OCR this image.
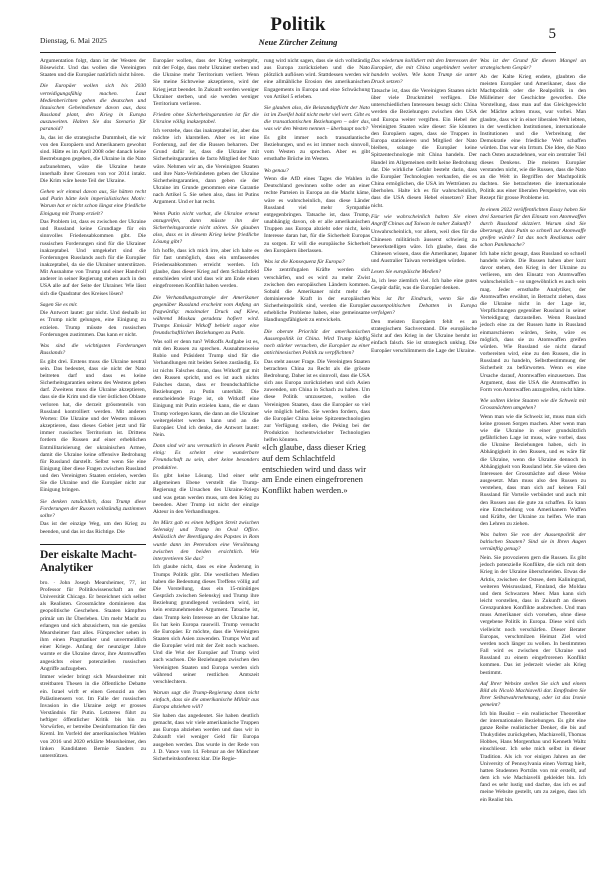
Dienstag, 6. Mai 2025
Politik
Neue Zürcher Zeitung	5

Argumentation folgt, dann ist der Westen der Bösewicht. Und das wollen die Vereinigten Staaten und die Europäer natürlich nicht hören.

Die Europäer wollen sich bis 2030 verteidigungsfähig machen. Laut Medienberichten geben die deutschen und litauischen Geheimdienste davon aus, dass Russland plant, den Krieg in Europa auszuweiten. Halten Sie das Szenario für paranoid?

Ja, das ist die strategische Dummheit, die wir von den Europäern und Amerikanern gewohnt sind. Hätte es im April 2008 oder danach keine Bestrebungen gegeben, die Ukraine in die Nato aufzunehmen, wäre die Ukraine heute innerhalb ihrer Grenzen von vor 2014 intakt. Die Krim wäre heute Teil der Ukraine.

Gehen wir einmal davon aus, Sie hätten recht und Putin hätte kein imperialistisches Motiv: Warum hat er nicht schon längst eine friedliche Einigung mit Trump erzielt?

Das Problem ist, dass es zwischen der Ukraine und Russland keine Grundlage für ein sinnvolles Friedensabkommen gibt. Die russischen Forderungen sind für die Ukrainer inakzeptabel. Und umgekehrt sind die Forderungen Russlands auch für die Europäer inakzeptabel, da sie die Ukrainer unterstützen. Mit Ausnahme von Trump und einer Handvoll anderer in seiner Regierung stehen auch in den USA alle auf der Seite der Ukrainer. Wie lässt sich die Quadratur des Kreises lösen?

Sagen Sie es mir.

Die Antwort lautet: gar nicht. Und deshalb ist es Trump nicht gelungen, eine Einigung zu erzielen. Trump müsste den russischen Forderungen zustimmen. Das kann er nicht.

Was sind die wichtigsten Forderungen Russlands?

Es gibt drei. Erstens muss die Ukraine neutral sein. Das bedeutet, dass sie nicht der Nato beitreten darf und dass es keine Sicherheitsgarantien seitens des Westens geben darf. Zweitens muss die Ukraine akzeptieren, dass sie die Krim und die vier östlichen Oblaste verloren hat, die derzeit grösstenteils von Russland kontrolliert werden. Mit anderen Worten: Die Ukraine und der Westen müssen akzeptieren, dass dieses Gebiet jetzt und für immer russisches Territorium ist. Drittens fordern die Russen auf einer erheblichen Entmilitarisierung der ukrainischen Armee, damit die Ukraine keine offensive Bedrohung für Russland darstellt. Selbst wenn Sie eine Einigung über diese Fragen zwischen Russland und den Vereinigten Staaten erzielen, werden Sie die Ukraine und die Europäer nicht zur Einigung bringen.

Sie denken tatsächlich, dass Trump diese Forderungen der Russen vollständig zustimmen sollte?

Das ist der einzige Weg, um den Krieg zu beenden, und das ist das Richtige. Die

Der eiskalte Macht-Analytiker

bro. · John Joseph Mearsheimer, 77, ist Professor für Politikwissenschaft an der Universität Chicago. Er bezeichnet sich selbst als Realisten. Grossmächte dominieren das geopolitische Geschehen. Staaten kämpften primär um ihr Überleben. Um mehr Macht zu erlangen und sich abzusichern, tun sie gemäss Mearsheimer fast alles. Fürsprecher sehen in ihm einen Pragmatiker und unvermeidlich einer Kriege. Anfang der neunziger Jahre warnte er die Ukraine davor, ihre Atomwaffen angesichts einer potenziellen russischen Angriffe aufzugeben.

Immer wieder bringt sich Mearsheimer mit streitbaren Thesen in die öffentliche Debatte ein. Israel wirft er einen Genozid an den Palästinensern vor. Im Falle der russischen Invasion in die Ukraine zeigt er grosses Verständnis für Putin. Letzteres führt zu heftiger öffentlicher Kritik bis hin zu Vorwürfen, er betreibe Desinformation für den Kreml. Im Vorfeld der amerikanischen Wahlen von 2016 und 2020 erklärte Mearsheimer, den linken Kandidaten Bernie Sanders zu unterstützen.

Europäer wollen, dass der Krieg weitergeht, mit der Folge, dass mehr Ukrainer sterben und die Ukraine mehr Territorium verliert. Wenn Sie meine Sichtweise akzeptieren, wird der Krieg jetzt beendet. In Zukunft werden weniger Ukrainer sterben, und sie werden weniger Territorium verlieren.

Frieden ohne Sicherheitsgarantien ist für die Ukraine völlig inakzeptabel.

Ich verstehe, dass das inakzeptabel ist, aber das möchte ich klarstellen. Aber es ist eine Forderung, auf der die Russen beharren. Der Grund dafür ist, dass die Ukraine mit Sicherheitsgarantien de facto Mitglied der Nato wäre. Nehmen wir an, die Vereinigten Staaten und ihre Nato-Verbündeten geben der Ukraine Sicherheitsgarantien, dann geben sie der Ukraine im Grunde genommen eine Garantie nach Artikel 5. Sie sehen also, dass ist Putins Argument. Und er hat recht.

Wenn Putin nicht vorhat, die Ukraine erneut anzugreifen, dann müsste ihn der Sicherheitsgarantie nicht stören. Sie glauben also, dass es in diesem Krieg keine friedliche Lösung gibt?

Ich hoffe, dass ich mich irre, aber ich halte es für fast unmöglich, dass ein umfassendes Friedensabkommen erreicht werden. Ich glaube, dass dieser Krieg auf dem Schlachtfeld entschieden wird und dass wir am Ende einen eingefrorenen Konflikt haben werden.

Die Verhandlungsstrategie der Amerikaner gegenüber Russland erscheint vom Anfang an fragwürdig: maximaler Druck auf Kiew, während Moskau geradezu hofiert wird. Trumps Emissär Witkoff behielt sogar eine freundschaftlichen Beziehungen zu Putin.

Was soll er denn tun? Witkoffs Aufgabe ist es, mit den Russen zu sprechen. Ausnahmsweise Rubio und Präsident Trump sind für die Verhandlungen mit beiden Seiten zuständig. Es ist nichts Falsches daran, dass Witkoff gut mit den Russen spricht, und es ist auch nichts Falsches daran, dass er freundschaftliche Beziehungen zu Putin unterhält. Die entscheidende Frage ist, ob Witkoff eine Einigung mit Putin erzielen kann, die er dann Trump vorlegen kann, die dann an die Ukrainer weitergeleitet werden kann und an die Europäer. Und ich denke, die Antwort lautet: Nein.

Dann sind wir uns vermutlich in diesem Punkt einig: Es scheint eine wunderbare Freundschaft zu sein, aber keine besonders produktive.

Es gibt keine Lösung. Und einer sehr allgemeinen Ebene verstellt die Trump-Regierung die Ursachen des Ukraine-Kriegs und was getan werden muss, um den Krieg zu beenden. Aber Trump ist nicht der einzige Akteur in den Verhandlungen.

Im März gab es einen heftigen Streit zwischen Selenskyj und Trump im Oval Office. Anlässlich der Beerdigung des Papstes in Rom wurde dann im Petersdom eine Versöhnung zwischen den beiden ersichtlich. Wie interpretieren Sie das?

Ich glaube nicht, dass es eine Änderung in Trumps Politik gibt. Die westlichen Medien haben die Bedeutung dieses Treffens völlig auf Die Vorstellung, dass ein 15-minütiges Gespräch zwischen Selenskyj und Trump ihre Beziehung grundlegend verändern wird, ist kein erstzunehmendes Argument. Tatsache ist, dass Trump kein Interesse an der Ukraine hat. Es hat kein Europa rauswill. Trump versucht die Europäer. Er möchte, dass die Vereinigten Staaten sich Asien zuwenden. Trumps Wut auf die Europäer wird mit der Zeit noch wachsen. Und die Wut der Europäer auf Trump wird auch wachsen. Die Beziehungen zwischen den Vereinigten Staaten und Europa werden sich während seiner restlichen Amtszeit verschlechtern.

Warum sagt die Trump-Regierung dann nicht einfach, dass sie die amerikanische Militär aus Europa abziehen will?

Sie haben das angedeutet. Sie haben deutlich gemacht, dass wir viele amerikanische Truppen aus Europa abziehen werden und dass wir in Zukunft viel weniger Geld für Europa ausgeben werden. Das wurde in der Rede von J. D. Vance vom 14. Februar an der Münchner Sicherheitskonferenz klar. Die Regie-

rung wird nicht sagen, dass sie sich vollständig aus Europa zurückziehen und die Nato plötzlich auflösen wird. Stattdessen werden wir eine allmähliche Erosion des amerikanischen Engagements in Europa und eine Schwächung von Artikel 5 erleben.

Sie glauben also, die Beistandspflicht der Nato ist im Zweifel bald nicht mehr viel wert. Gibt es die transatlantischen Beziehungen – oder das, was wir den Westen nennen – überhaupt noch?

Es gibt immer noch transatlantische Beziehungen, und es ist immer noch sinnvoll, vom Westen zu sprechen. Aber es gibt ernsthafte Brüche im Westen.

Wo genau?

Wenn die AfD eines Tages die Wahlen in Deutschland gewinnen sollte oder an einer rechte Parteien in Europa an die Macht käme, wäre es wahrscheinlich, dass diese Länder Russland viel mehr Sympathie entgegenbringen. Tatsache ist, dass Trump, unabhängig davon, ob er alle amerikanischen Truppen aus Europa abzieht oder nicht, kein Interesse daran hat, für die Sicherheit Europas zu sorgen. Er will die europäische Sicherheit den Europäern überlassen.

Was ist die Konsequenz für Europa?

Die zentrifugalen Kräfte werden sich verschärfen, und es wird zu mehr Zwist zwischen den europäischen Ländern kommen. Sobald die Amerikaner nicht mehr die dominierende Kraft in der europäischen Sicherheitspolitik sind, werden die Europäer erhebliche Probleme haben, eine gemeinsame Handlungsfähigkeit zu entwickeln.

Die oberste Priorität der amerikanischen Aussenpolitik ist China. Wird Trump künftig noch stärker versuchen, die Europäer zu einer antichinesischen Politik zu verpflichten?

Das steht ausser Frage. Die Vereinigten Staaten betrachten China zu Recht als die grösste Bedrohung. Daher ist es sinnvoll, dass die USA sich aus Europa zurückziehen und sich Asien zuwenden, um China in Schach zu halten. Um diese Politik umzusetzen, wollen die Vereinigten Staaten, dass die Europäer so viel wie möglich helfen. Sie werden fordern, dass die Europäer China keine Spitzentechnologien zur Verfügung stellen, die Peking bei der Produktion hochentwickelter Technologien helfen könnten.

Das wiederum kollidiert mit den Interessen der Europäer, die mit China ungehindert weiter handeln wollen. Wie kann Trump sie unter Druck setzen?

Tatsache ist, dass die Vereinigten Staaten nicht über viele Druckmittel verfügen. Die unterschiedlichen Interessen besagt sich: China werden die Beziehungen zwischen den USA und Europa weiter vergiften. Ein Hebel der Vereinigten Staaten wäre dieser: Sie könnten den Europäern sagen, dass sie Truppen in Europa stationieren und Mitglied der Nato bleiben, solange die Europäer keine Spitzentechnologie mit China handeln. Der Handel im Allgemeinen stellt keine Bedrohung dar. Die wirkliche Gefahr besteht darin, dass die Europäer Technologien verkaufen, die es China ermöglichen, die USA im Wettrüsten zu überholen. Halte ich es für wahrscheinlich, dass die USA diesen Hebel einsetzen? Eher nicht.

Für wie wahrscheinlich halten Sie einen Angriff Chinas auf Taiwan in naher Zukunft?

Unwahrscheinlich, vor allem, weil dies für die Chinesen militärisch äusserst schwierig zu bewerkstelligen wäre. Ich glaube, dass die Chinesen wissen, dass die Amerikaner, Japaner und Australier Taiwan verteidigen würden.

Lesen Sie europäische Medien?

Ja, ich lese ziemlich viel. Ich habe eine gutes Gespür dafür, was die Europäer denken.

Was ist Ihr Eindruck, wenn Sie die aussenpolitischen Debatten in Europa verfolgen?

Den meisten Europäern fehlt es an strategischem Sachverstand. Die europäische Sicht auf den Krieg in der Ukraine beruht ist einfach falsch. Sie ist strategisch unklug. Die Europäer verschlimmern die Lage der Ukraine.

Was ist der Grund für diesen Mangel an strategischem Gespür?

Ab der Kalte Krieg endete, glaubten die meisten Europäer und Amerikaner, dass die Machtpolitik oder die Realpolitik in den Mülleimer der Geschichte geworfen. Die Vorstellung, dass man auf das Gleichgewicht der Mächte achten muss, war vorbei. Man glaubte, dass wir in einer liberalen Welt lebten, in der westlichen Institutionen, internationale Institutionen und die Verbreitung der Demokratie eine friedliche Welt schaffen würden. Das war ein Irrtum. Die Idee, die Nato nach Osten auszudehnen, war ein zentraler Teil dieses Denkens. Die meisten Europäer verstanden nicht, wie die Russen, dass die Nato an die Welt in Begriffen der Machtpolitik dachten. Sie betrachteten die internationale Politik aus einer liberalen Perspektive, was ein Rezept für grosse Probleme ist.

In einem 2022 veröffentlichten Essay haben Sie drei Szenarien für den Einsatz von Atomwaffen durch Russland skizziert. Warum sind Sie überzeugt, dass Putin so schnell zur Atomwaffe greifen würde? Ist das noch Realismus oder schon Panikmache?

Ich habe nicht gesagt, dass Russland so schnell handeln würde. Die Russen haben aber kurz davor stehen, den Krieg in der Ukraine zu verlieren, um den Einsatz von Atomwaffen wahrscheinlich – so ungewöhnlich es auch sein mag. Jeder ernsthafte Analytiker, der Atomwaffen erwähnt, in Betracht ziehen, dass die Ukraine nicht in der Lage ist, Verpflichtungen gegenüber Russland in seiner Verteidigung darzustellen. Wenn Russland jedoch eine zu der Russen hatte in Russland einmarschieren würden, Seite, wäre es möglich, dass sie zu Atomwaffen greifen würden. Wie Russland sie nicht darauf vorbereiten wird, eine zu den Russen, die in Russland zu handeln, Selbstbestimmung der Sicherheit zu befürworten. Wenn es eine Ursache darauf, Atomwaffen einzusetzen. Das Argument, dass die USA die Atomwaffen in Form von Atomwaffen anzugreifen, nicht hätte.

Wie sollten kleine Staaten wie die Schweiz mit Grossmächten umgehen?

Wenn man wie die Schweiz ist, muss man sich keine grossen Sorgen machen. Aber wenn man wie die Ukraine in einer grundsätzlich gefährlichen Lage ist muss, wäre vorbei, dass die Ukraine Beziehungen haben, sich in Abhängigkeit in den Russen, und es wäre für die Ukraine, wenn die Ukraine dennoch in Abhängigkeit von Russland lebt. Sie wären den Interessen der Grossmächte auf diese Weise ausgesetzt. Man muss also den Russen zu verstehen, dass man sich auf keinen Fall Russland für Vorteile verbündet und auch mit den Russen aus die gute zu schaffen. Es kann eine Entscheidung von Amerikanern Waffen und Kräfte, der Ukraine zu helfen. Wie man den Lehren zu ziehen.

Was halten Sie von der Aussenpolitik der baltischen Staaten? Sind sie in Ihren Augen vernünftig genug?

Nein. Sie provozieren gern die Russen. Es gibt jedoch potenzielle Konflikte, die sich mit dem Krieg in der Ukraine überschneiden. Etwas die Arktis, zwischen der Ostsee, dem Kaliningrad, weiteren Weisrussland, Finnland, die Moldau und dem Schwarzen Meer. Man kann sich leicht vorstellen, dass in Zukunft an diesen Grenzpunkten Konflikte ausbrechen. Und man muss Amerikaner sich vorsehen, ohne diese vergebene Politik in Europa. Diese wird sich vielleicht noch verschärfen. Dieser Berater Europas, verschmilzen Heimat Ziel wird werden noch länger zu wollen. In bestimmten Fall wird es zwischen der Ukraine und Russland zu einem eingefrorenen Konflikt kommen. Das ist jederzeit wieder als Krieg bestimmt.

Auf Ihrer Website stellen Sie sich und einem Bild als Nicolò Machiavelli dar. Empfinden Sie Ihrer Selbstwahrnehmung, oder ist das Ironie gemeint?

Ich bin Realist – ein realistischer Theoretiker der internationalen Beziehungen. Es gibt eine ganze Reihe realistischer Denker, die bis auf Thukydides zurückgehen, Machiavelli, Thomas Hobbes, Hans Morgenthau und Kenneth Waltz einschliesst. Ich sehe mich selbst in dieser Tradition. Als ich vor einigen Jahren an der University of Pennsylvania einen Vortrag hielt, hatten Studenten Porträts von mir erstellt, auf dem ich wie Machiavelli gekleidet bin. Ich fand es sehr lustig und dachte, das ich es auf meine Website gestellt, um zu zeigen, dass ich ein Realist bin.

«Ich glaube, dass dieser Krieg auf dem Schlachtfeld entschieden wird und dass wir am Ende einen eingefrorenen Konflikt haben werden.»
